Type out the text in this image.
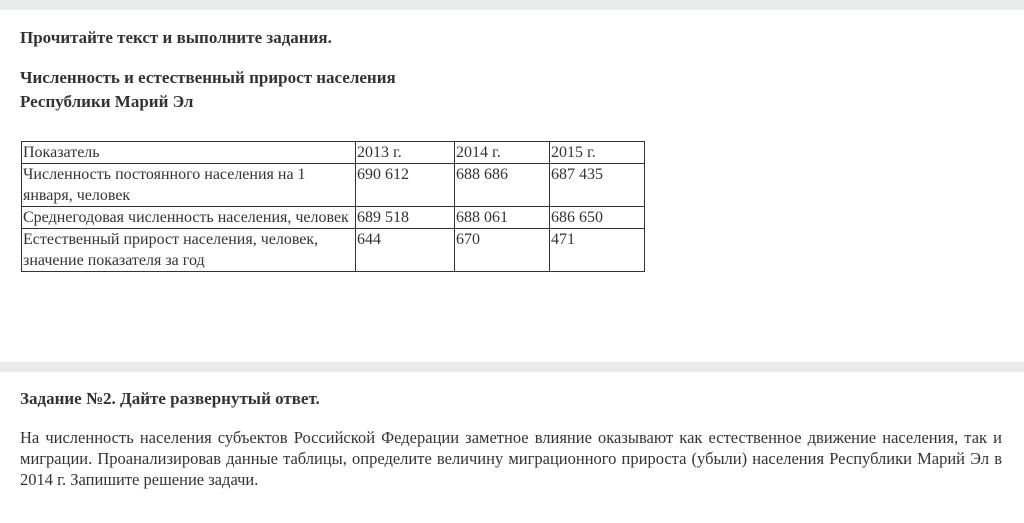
Прочитайте текст и выполните задания.

Численность и естественный прирост населения
Республики Марий Эл
Показатель	2013 г.	2014 г.	2015 г.
Численность постоянного населения на 1 января, человек	690 612	688 686	687 435
Среднегодовая численность населения, человек	689 518	688 061	686 650
Естественный прирост населения, человек, значение показателя за год	644	670	471
Задание №2. Дайте развернутый ответ.

На численность населения субъектов Российской Федерации заметное влияние оказывают как естественное движение населения, так и миграции. Проанализировав данные таблицы, определите величину миграционного прироста (убыли) населения Республики Марий Эл в 2014 г. Запишите решение задачи.
